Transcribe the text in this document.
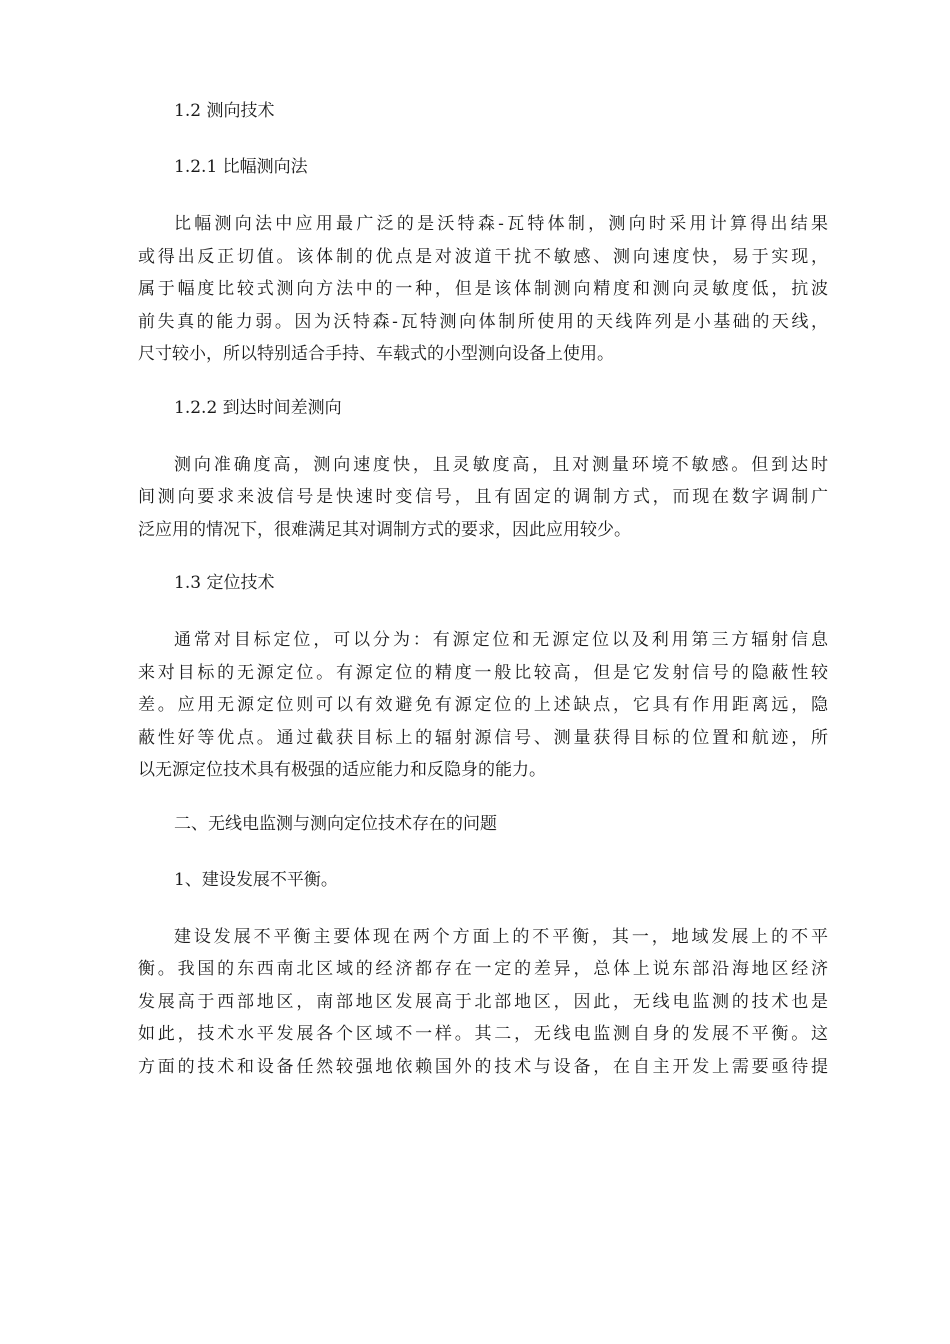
1.2 测向技术

1.2.1 比幅测向法

比幅测向法中应用最广泛的是沃特森-瓦特体制，测向时采用计算得出结果
或得出反正切值。该体制的优点是对波道干扰不敏感、测向速度快，易于实现，
属于幅度比较式测向方法中的一种，但是该体制测向精度和测向灵敏度低，抗波
前失真的能力弱。因为沃特森-瓦特测向体制所使用的天线阵列是小基础的天线，
尺寸较小，所以特别适合手持、车载式的小型测向设备上使用。

1.2.2 到达时间差测向

测向准确度高，测向速度快，且灵敏度高，且对测量环境不敏感。但到达时
间测向要求来波信号是快速时变信号，且有固定的调制方式，而现在数字调制广
泛应用的情况下，很难满足其对调制方式的要求，因此应用较少。

1.3 定位技术

通常对目标定位，可以分为：有源定位和无源定位以及利用第三方辐射信息
来对目标的无源定位。有源定位的精度一般比较高，但是它发射信号的隐蔽性较
差。应用无源定位则可以有效避免有源定位的上述缺点，它具有作用距离远，隐
蔽性好等优点。通过截获目标上的辐射源信号、测量获得目标的位置和航迹，所
以无源定位技术具有极强的适应能力和反隐身的能力。

二、无线电监测与测向定位技术存在的问题

1、建设发展不平衡。

建设发展不平衡主要体现在两个方面上的不平衡，其一，地域发展上的不平
衡。我国的东西南北区域的经济都存在一定的差异，总体上说东部沿海地区经济
发展高于西部地区，南部地区发展高于北部地区，因此，无线电监测的技术也是
如此，技术水平发展各个区域不一样。其二，无线电监测自身的发展不平衡。这
方面的技术和设备任然较强地依赖国外的技术与设备，在自主开发上需要亟待提
